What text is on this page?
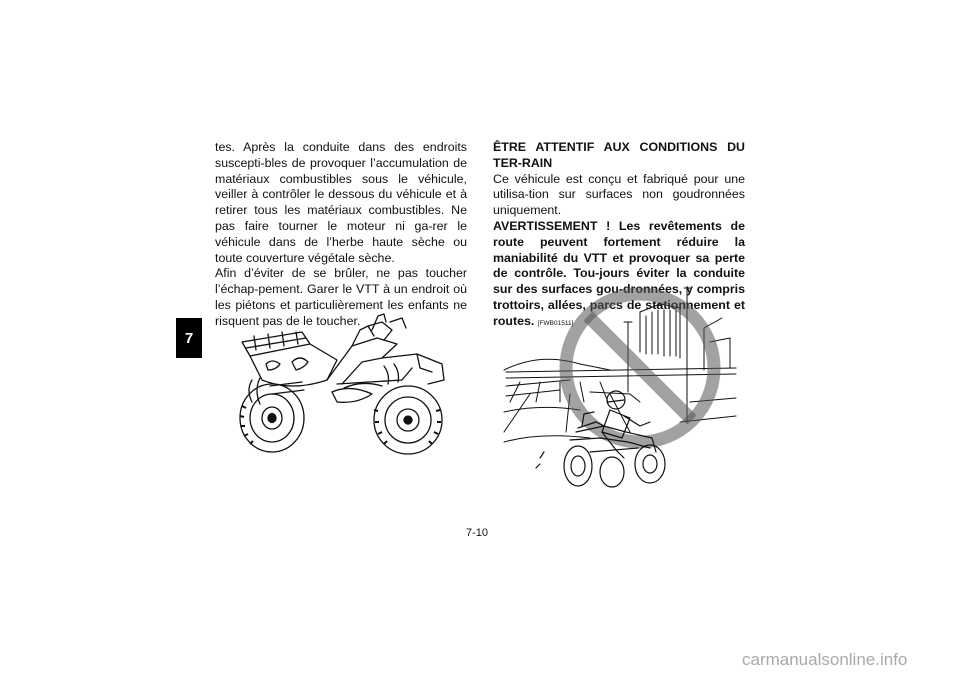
7

tes. Après la conduite dans des endroits suscepti-bles de provoquer l’accumulation de matériaux combustibles sous le véhicule, veiller à contrôler le dessous du véhicule et à retirer tous les matériaux combustibles. Ne pas faire tourner le moteur ni ga-rer le véhicule dans de l’herbe haute sèche ou toute couverture végétale sèche.

Afin d’éviter de se brûler, ne pas toucher l’échap-pement. Garer le VTT à un endroit où les piétons et particulièrement les enfants ne risquent pas de le toucher.

ÊTRE ATTENTIF AUX CONDITIONS DU TER-RAIN

Ce véhicule est conçu et fabriqué pour une utilisa-tion sur surfaces non goudronnées uniquement.

AVERTISSEMENT ! Les revêtements de route peuvent fortement réduire la maniabilité du VTT et provoquer sa perte de contrôle. Tou-jours éviter la conduite sur des surfaces gou-dronnées, y compris trottoirs, allées, parcs de stationnement et routes. [FWB01511]

7-10
carmanualsonline.info
